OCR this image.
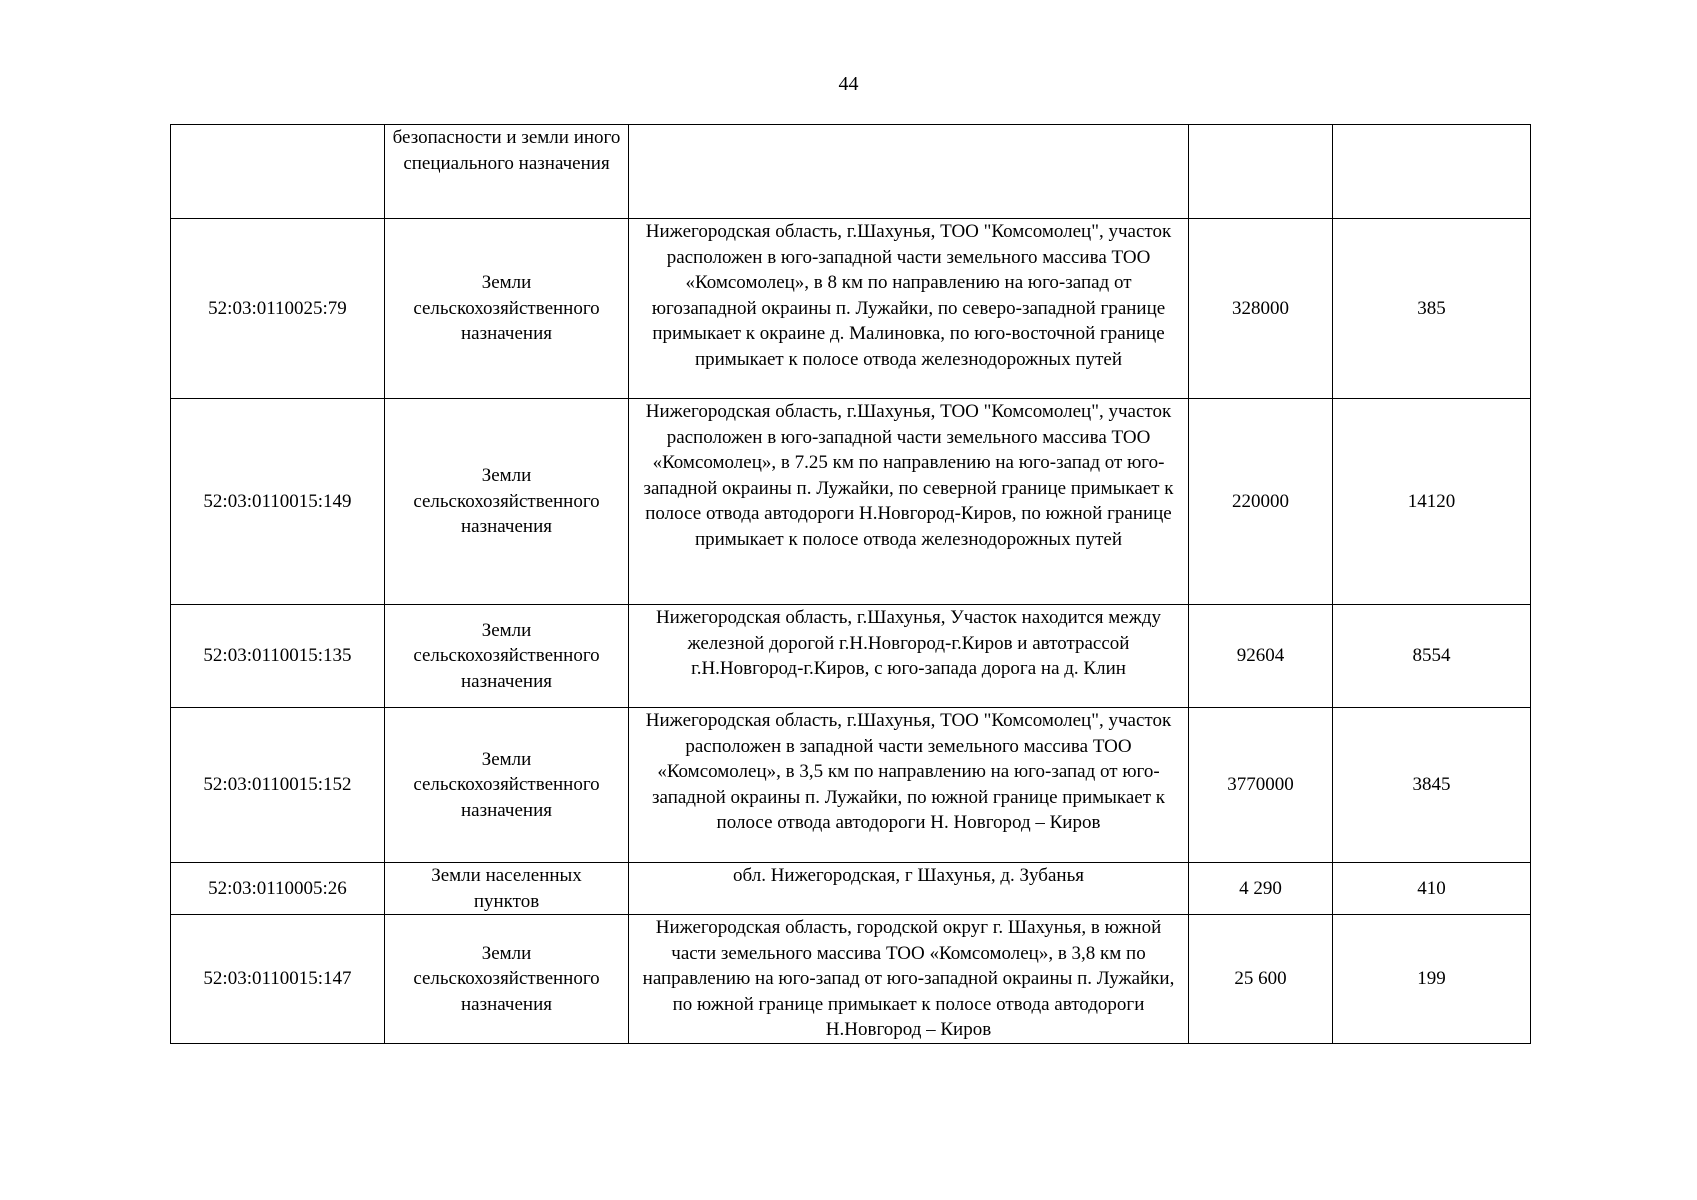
44
	безопасности и земли иного специального назначения			
52:03:0110025:79	Земли сельскохозяйственного назначения	Нижегородская область, г.Шахунья, ТОО "Комсомолец", участок расположен в юго-западной части земельного массива ТОО «Комсомолец», в 8 км по направлению на юго-запад от югозападной окраины п. Лужайки, по северо-западной границе примыкает к окраине д. Малиновка, по юго-восточной границе примыкает к полосе отвода железнодорожных путей	328000	385
52:03:0110015:149	Земли сельскохозяйственного назначения	Нижегородская область, г.Шахунья, ТОО "Комсомолец", участок расположен в юго-западной части земельного массива ТОО «Комсомолец», в 7.25 км по направлению на юго-запад от юго-западной окраины п. Лужайки, по северной границе примыкает к полосе отвода автодороги Н.Новгород-Киров, по южной границе примыкает к полосе отвода железнодорожных путей	220000	14120
52:03:0110015:135	Земли сельскохозяйственного назначения	Нижегородская область, г.Шахунья, Участок находится между железной дорогой г.Н.Новгород-г.Киров и автотрассой г.Н.Новгород-г.Киров, с юго-запада дорога на д. Клин	92604	8554
52:03:0110015:152	Земли сельскохозяйственного назначения	Нижегородская область, г.Шахунья, ТОО "Комсомолец", участок расположен в западной части земельного массива ТОО «Комсомолец», в 3,5 км по направлению на юго-запад от юго-западной окраины п. Лужайки, по южной границе примыкает к полосе отвода автодороги Н. Новгород – Киров	3770000	3845
52:03:0110005:26	Земли населенных пунктов	обл. Нижегородская, г Шахунья, д. Зубанья	4 290	410
52:03:0110015:147	Земли сельскохозяйственного назначения	Нижегородская область, городской округ г. Шахунья, в южной части земельного массива ТОО «Комсомолец», в 3,8 км по направлению на юго-запад от юго-западной окраины п. Лужайки, по южной границе примыкает к полосе отвода автодороги Н.Новгород – Киров	25 600	199
